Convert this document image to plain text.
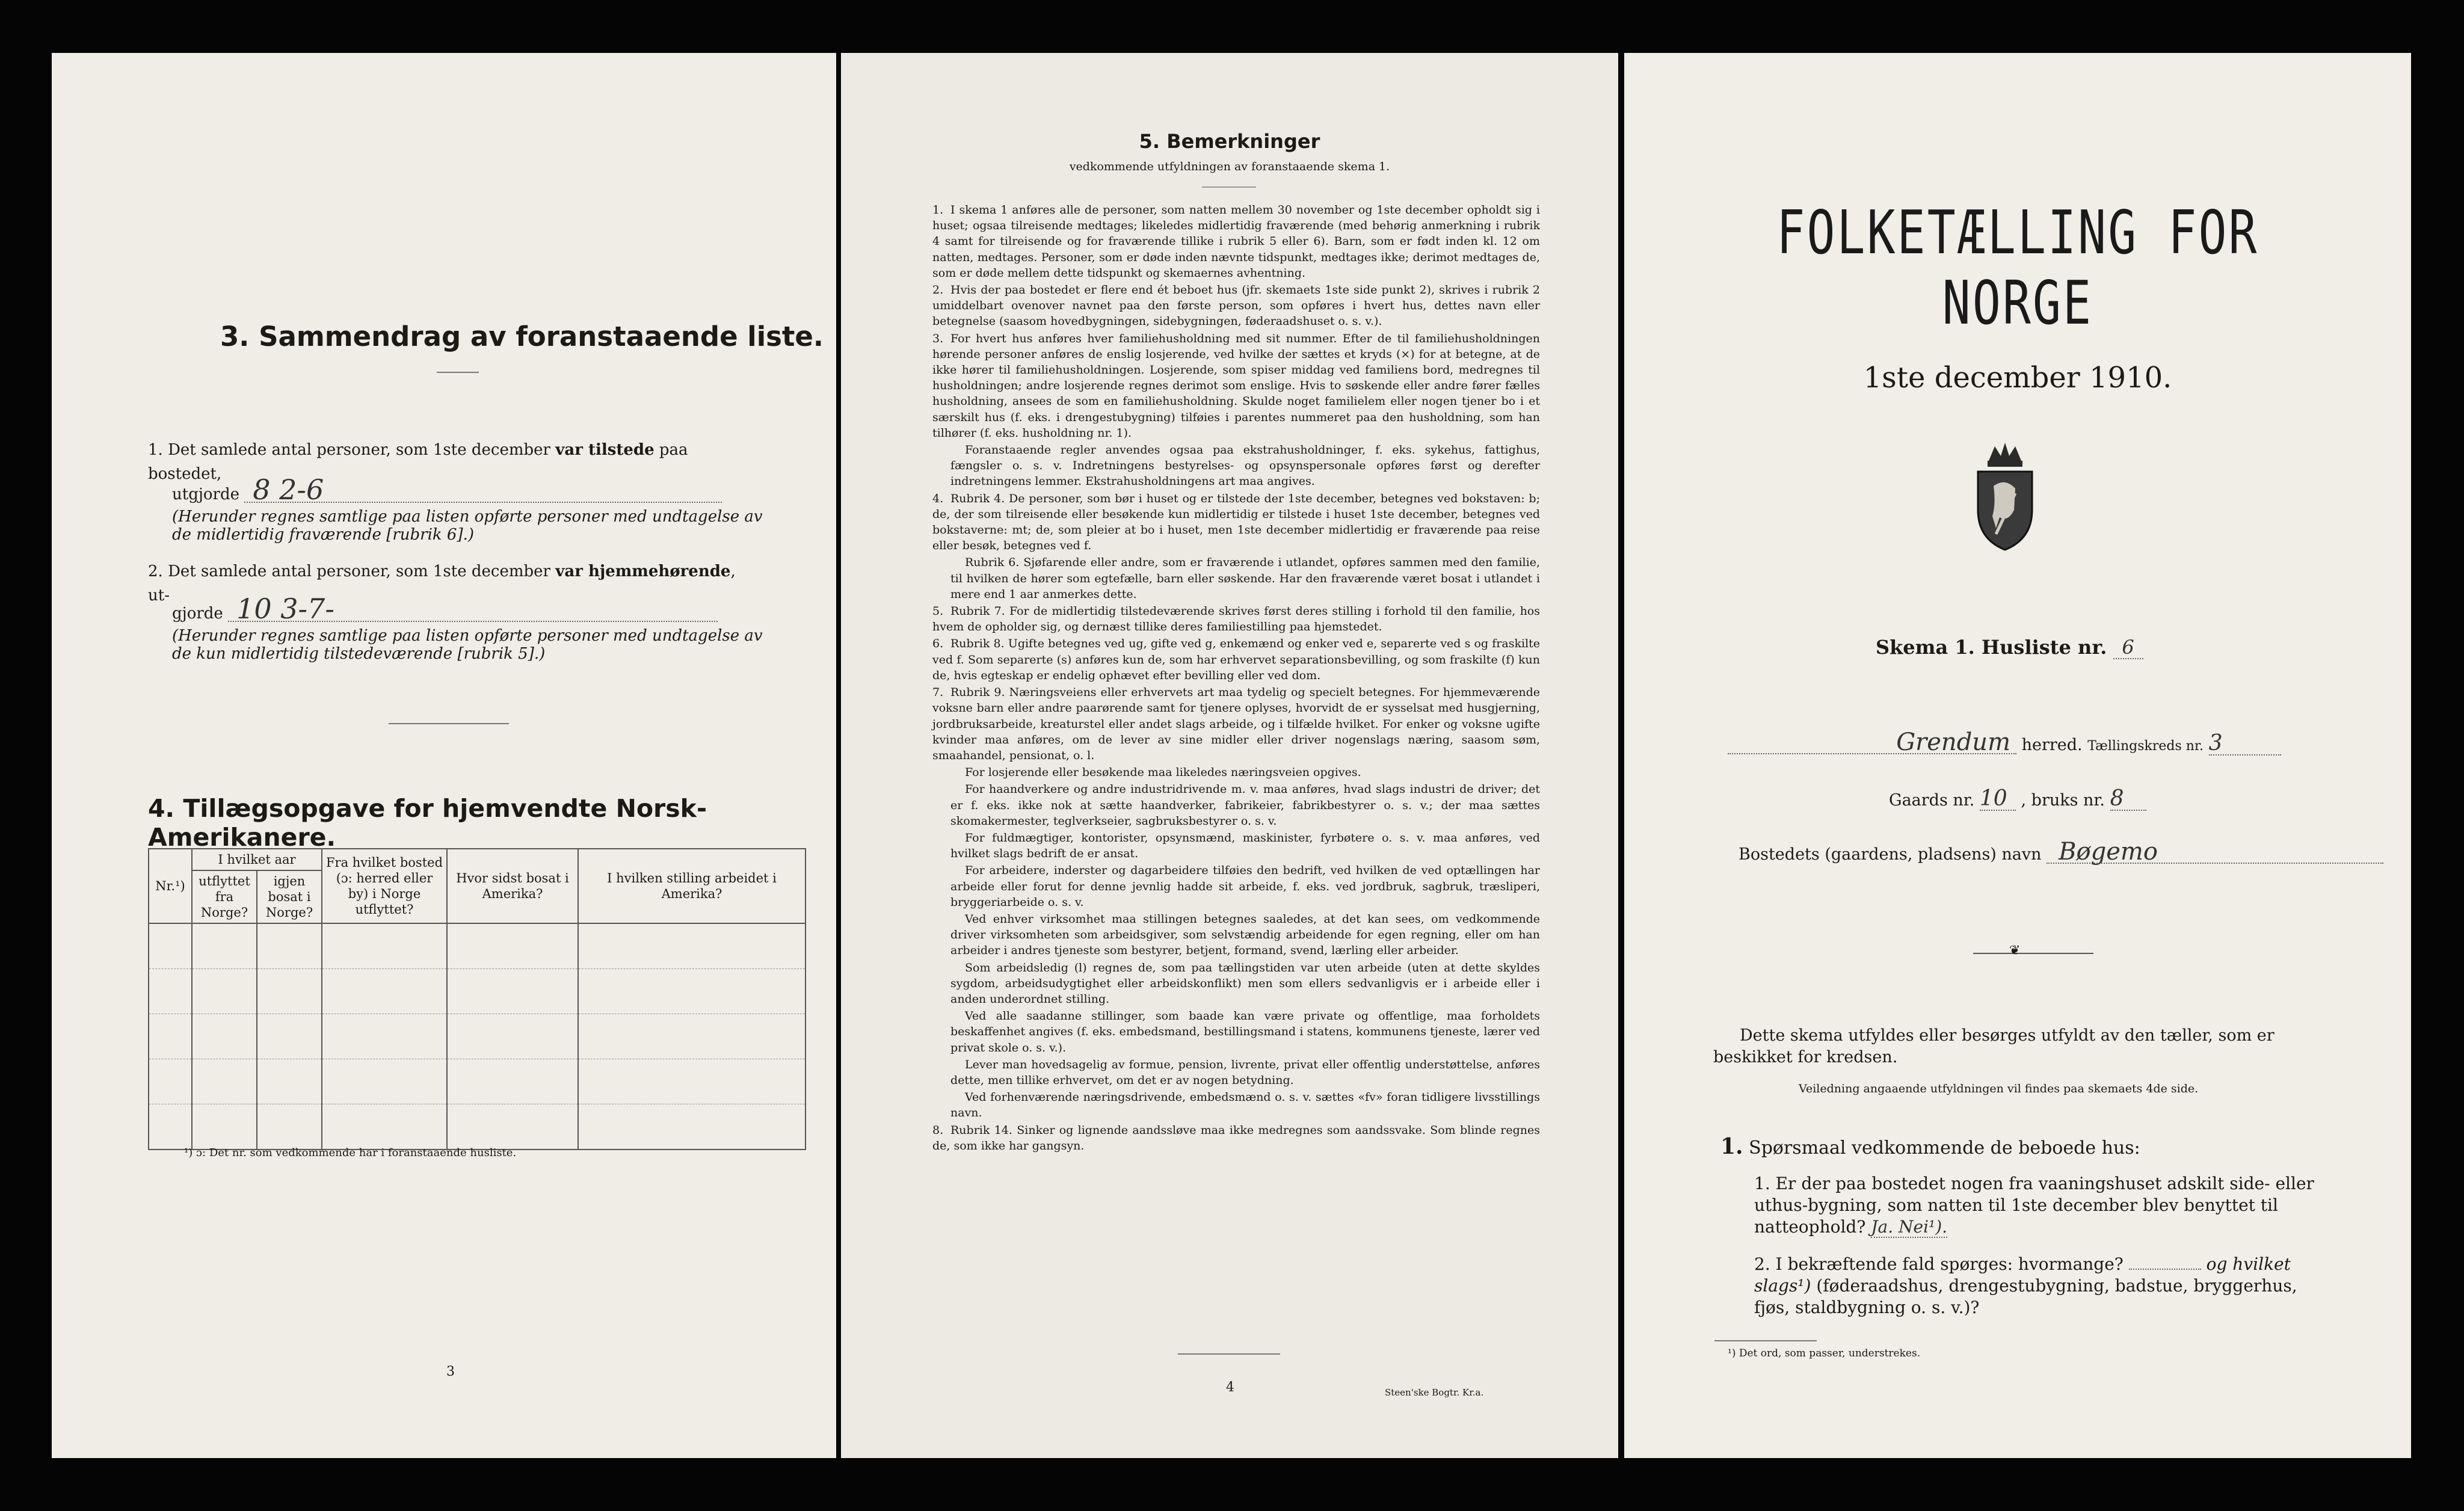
3. Sammendrag av foranstaaende liste.
1. Det samlede antal personer, som 1ste december var tilstede paa bostedet,
utgjorde 8 2-6
(Herunder regnes samtlige paa listen opførte personer med undtagelse av de midlertidig fraværende [rubrik 6].)
2. Det samlede antal personer, som 1ste december var hjemmehørende, ut-
gjorde 10 3-7-
(Herunder regnes samtlige paa listen opførte personer med undtagelse av de kun midlertidig tilstedeværende [rubrik 5].)
4. Tillægsopgave for hjemvendte Norsk-Amerikanere.
Nr.¹)	I hvilket aar		Fra hvilket bosted (ɔ: herred eller by) i Norge utflyttet?	Hvor sidst bosat i Amerika?	I hvilken stilling arbeidet i Amerika?
	utflyttet fra Norge?	igjen bosat i Norge?			

¹) ɔ: Det nr. som vedkommende har i foranstaaende husliste.
3
5. Bemerkninger
vedkommende utfyldningen av foranstaaende skema 1.

1. I skema 1 anføres alle de personer, som natten mellem 30 november og 1ste december opholdt sig i huset; ogsaa tilreisende medtages; likeledes midlertidig fraværende (med behørig anmerkning i rubrik 4 samt for tilreisende og for fraværende tillike i rubrik 5 eller 6). Barn, som er født inden kl. 12 om natten, medtages. Personer, som er døde inden nævnte tidspunkt, medtages ikke; derimot medtages de, som er døde mellem dette tidspunkt og skemaernes avhentning.

2. Hvis der paa bostedet er flere end ét beboet hus (jfr. skemaets 1ste side punkt 2), skrives i rubrik 2 umiddelbart ovenover navnet paa den første person, som opføres i hvert hus, dettes navn eller betegnelse (saasom hovedbygningen, sidebygningen, føderaadshuset o. s. v.).

3. For hvert hus anføres hver familiehusholdning med sit nummer. Efter de til familiehusholdningen hørende personer anføres de enslig losjerende, ved hvilke der sættes et kryds (×) for at betegne, at de ikke hører til familiehusholdningen. Losjerende, som spiser middag ved familiens bord, medregnes til husholdningen; andre losjerende regnes derimot som enslige. Hvis to søskende eller andre fører fælles husholdning, ansees de som en familiehusholdning. Skulde noget familielem eller nogen tjener bo i et særskilt hus (f. eks. i drengestubygning) tilføies i parentes nummeret paa den husholdning, som han tilhører (f. eks. husholdning nr. 1).

Foranstaaende regler anvendes ogsaa paa ekstrahusholdninger, f. eks. sykehus, fattighus, fængsler o. s. v. Indretningens bestyrelses- og opsynspersonale opføres først og derefter indretningens lemmer. Ekstrahusholdningens art maa angives.

4. Rubrik 4. De personer, som bør i huset og er tilstede der 1ste december, betegnes ved bokstaven: b; de, der som tilreisende eller besøkende kun midlertidig er tilstede i huset 1ste december, betegnes ved bokstaverne: mt; de, som pleier at bo i huset, men 1ste december midlertidig er fraværende paa reise eller besøk, betegnes ved f.

Rubrik 6. Sjøfarende eller andre, som er fraværende i utlandet, opføres sammen med den familie, til hvilken de hører som egtefælle, barn eller søskende. Har den fraværende været bosat i utlandet i mere end 1 aar anmerkes dette.

5. Rubrik 7. For de midlertidig tilstedeværende skrives først deres stilling i forhold til den familie, hos hvem de opholder sig, og dernæst tillike deres familiestilling paa hjemstedet.

6. Rubrik 8. Ugifte betegnes ved ug, gifte ved g, enkemænd og enker ved e, separerte ved s og fraskilte ved f. Som separerte (s) anføres kun de, som har erhvervet separationsbevilling, og som fraskilte (f) kun de, hvis egteskap er endelig ophævet efter bevilling eller ved dom.

7. Rubrik 9. Næringsveiens eller erhvervets art maa tydelig og specielt betegnes. For hjemmeværende voksne barn eller andre paarørende samt for tjenere oplyses, hvorvidt de er sysselsat med husgjerning, jordbruksarbeide, kreaturstel eller andet slags arbeide, og i tilfælde hvilket. For enker og voksne ugifte kvinder maa anføres, om de lever av sine midler eller driver nogenslags næring, saasom søm, smaahandel, pensionat, o. l.

For losjerende eller besøkende maa likeledes næringsveien opgives.

For haandverkere og andre industridrivende m. v. maa anføres, hvad slags industri de driver; det er f. eks. ikke nok at sætte haandverker, fabrikeier, fabrikbestyrer o. s. v.; der maa sættes skomakermester, teglverkseier, sagbruksbestyrer o. s. v.

For fuldmægtiger, kontorister, opsynsmænd, maskinister, fyrbøtere o. s. v. maa anføres, ved hvilket slags bedrift de er ansat.

For arbeidere, inderster og dagarbeidere tilføies den bedrift, ved hvilken de ved optællingen har arbeide eller forut for denne jevnlig hadde sit arbeide, f. eks. ved jordbruk, sagbruk, træsliperi, bryggeriarbeide o. s. v.

Ved enhver virksomhet maa stillingen betegnes saaledes, at det kan sees, om vedkommende driver virksomheten som arbeidsgiver, som selvstændig arbeidende for egen regning, eller om han arbeider i andres tjeneste som bestyrer, betjent, formand, svend, lærling eller arbeider.

Som arbeidsledig (l) regnes de, som paa tællingstiden var uten arbeide (uten at dette skyldes sygdom, arbeidsudygtighet eller arbeidskonflikt) men som ellers sedvanligvis er i arbeide eller i anden underordnet stilling.

Ved alle saadanne stillinger, som baade kan være private og offentlige, maa forholdets beskaffenhet angives (f. eks. embedsmand, bestillingsmand i statens, kommunens tjeneste, lærer ved privat skole o. s. v.).

Lever man hovedsagelig av formue, pension, livrente, privat eller offentlig understøttelse, anføres dette, men tillike erhvervet, om det er av nogen betydning.

Ved forhenværende næringsdrivende, embedsmænd o. s. v. sættes «fv» foran tidligere livsstillings navn.

8. Rubrik 14. Sinker og lignende aandssløve maa ikke medregnes som aandssvake. Som blinde regnes de, som ikke har gangsyn.

4	Steen'ske Bogtr. Kr.a.
FOLKETÆLLING FOR NORGE
1ste december 1910.
Skema 1. Husliste nr. 6
Grendum herred. Tællingskreds nr. 3
Gaards nr. 10 , bruks nr. 8
Bostedets (gaardens, pladsens) navn Bøgemo
❦
Dette skema utfyldes eller besørges utfyldt av den tæller, som er beskikket for kredsen.
Veiledning angaaende utfyldningen vil findes paa skemaets 4de side.
1. Spørsmaal vedkommende de beboede hus:
1. Er der paa bostedet nogen fra vaaningshuset adskilt side- eller uthus-bygning, som natten til 1ste december blev benyttet til natteophold? Ja. Nei¹).
2. I bekræftende fald spørges: hvormange?	og hvilket slags¹) (føderaadshus, drengestubygning, badstue, bryggerhus, fjøs, staldbygning o. s. v.)?
¹) Det ord, som passer, understrekes.
